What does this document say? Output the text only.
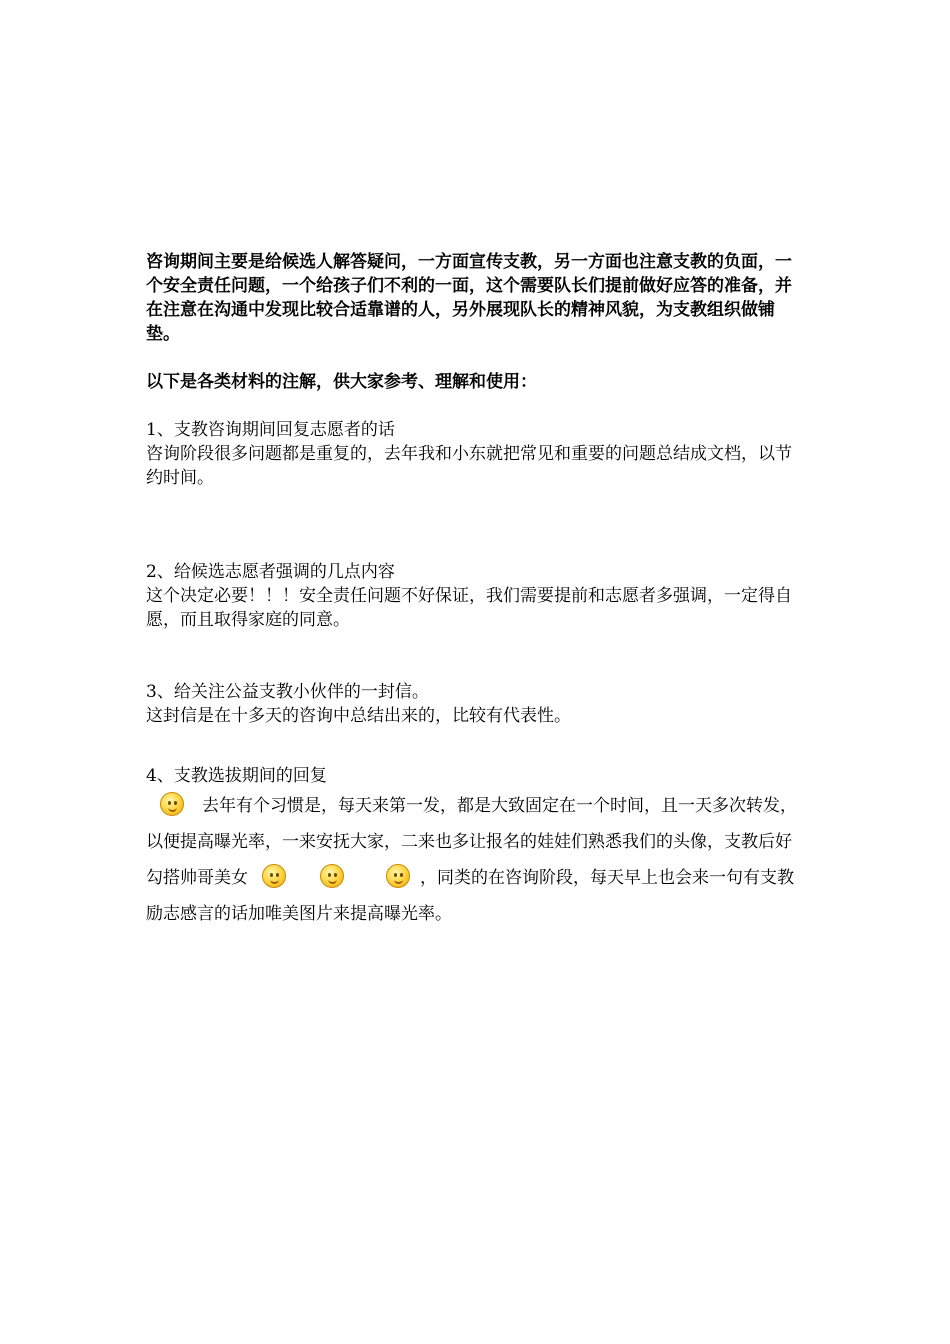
咨询期间主要是给候选人解答疑问，一方面宣传支教，另一方面也注意支教的负面，一个安全责任问题，一个给孩子们不利的一面，这个需要队长们提前做好应答的准备，并在注意在沟通中发现比较合适靠谱的人，另外展现队长的精神风貌，为支教组织做铺垫。

以下是各类材料的注解，供大家参考、理解和使用：

1、支教咨询期间回复志愿者的话

咨询阶段很多问题都是重复的，去年我和小东就把常见和重要的问题总结成文档，以节约时间。

2、给候选志愿者强调的几点内容

这个决定必要！！！安全责任问题不好保证，我们需要提前和志愿者多强调，一定得自愿，而且取得家庭的同意。

3、给关注公益支教小伙伴的一封信。

这封信是在十多天的咨询中总结出来的，比较有代表性。

4、支教选拔期间的回复

去年有个习惯是，每天来第一发，都是大致固定在一个时间，且一天多次转发，以便提高曝光率，一来安抚大家，二来也多让报名的娃娃们熟悉我们的头像，支教后好勾搭帅哥美女	，同类的在咨询阶段，每天早上也会来一句有支教励志感言的话加唯美图片来提高曝光率。
